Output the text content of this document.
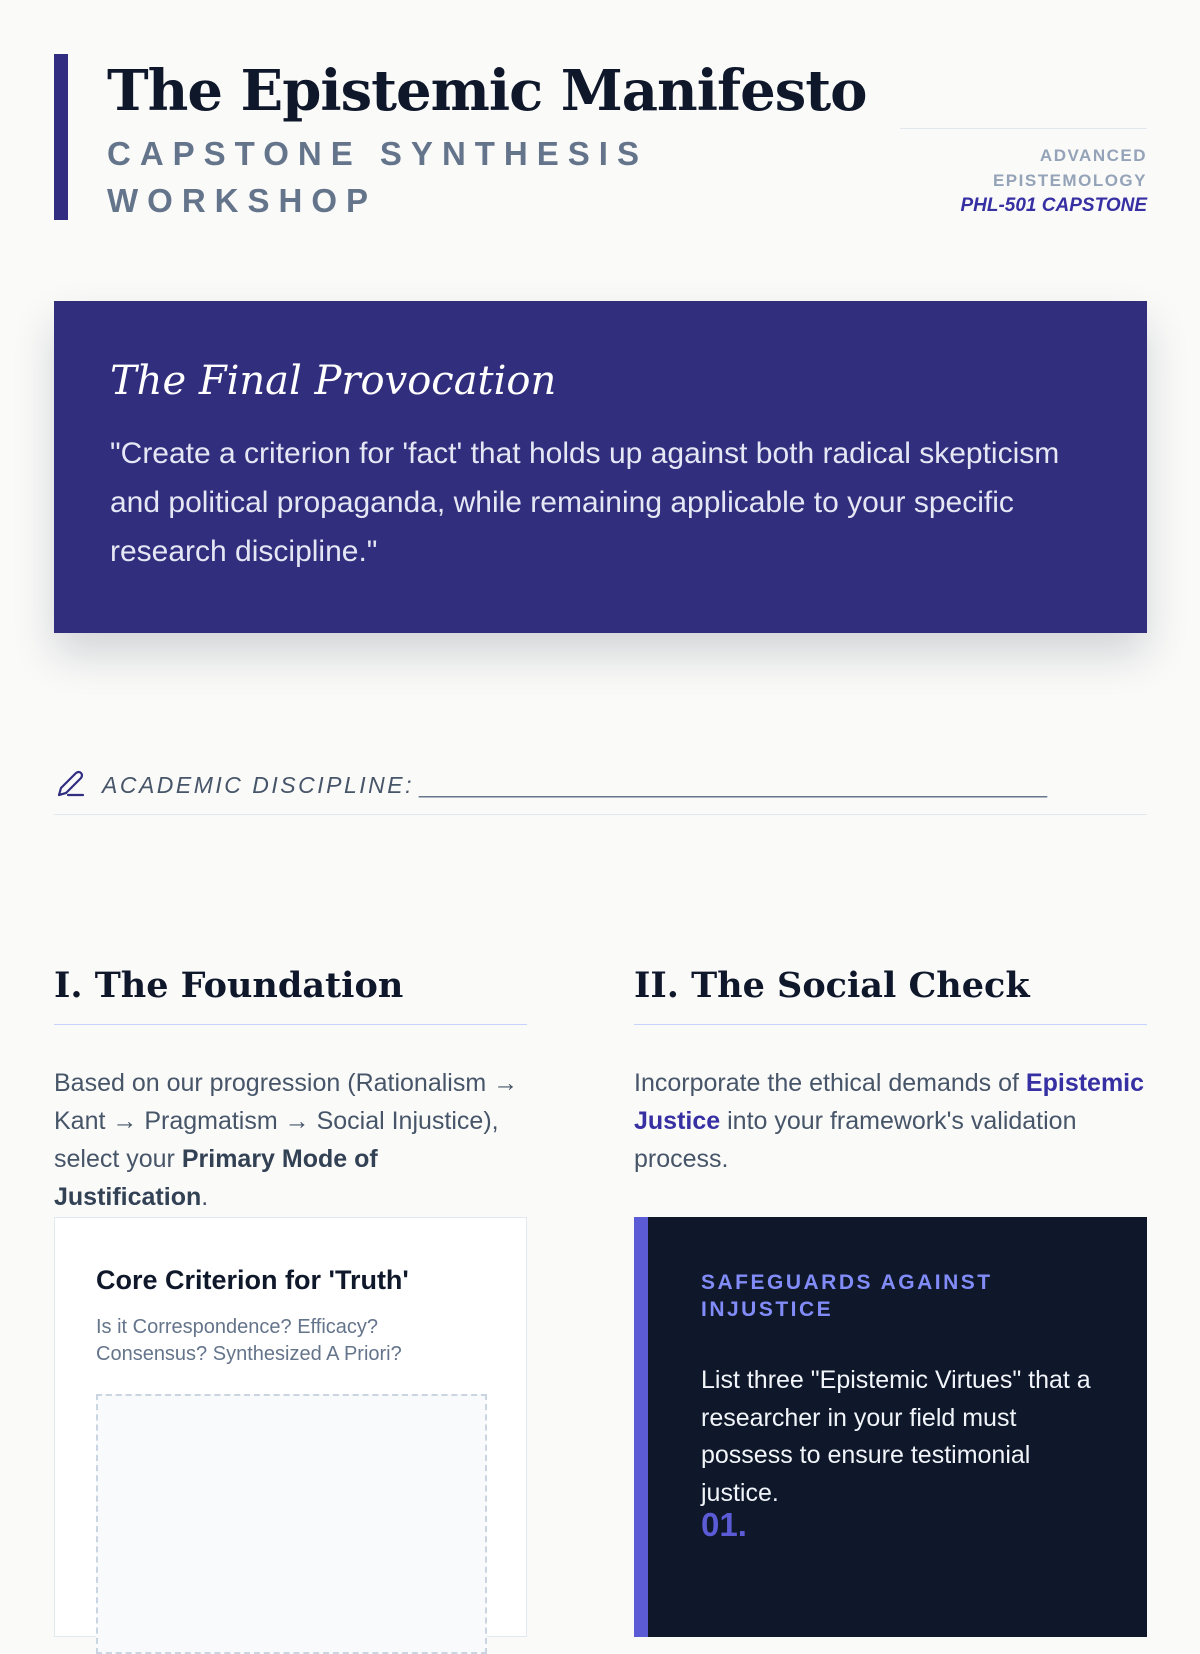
The Epistemic Manifesto
CAPSTONE SYNTHESIS WORKSHOP
ADVANCED
EPISTEMOLOGY
PHL-501 CAPSTONE
The Final Provocation

"Create a criterion for 'fact' that holds up against both radical skepticism and political propaganda, while remaining applicable to your specific research discipline."

ACADEMIC DISCIPLINE: ________________________________________________
I. The Foundation

Based on our progression (Rationalism → Kant → Pragmatism → Social Injustice), select your Primary Mode of Justification.

Core Criterion for 'Truth'

Is it Correspondence? Efficacy? Consensus? Synthesized A Priori?

II. The Social Check

Incorporate the ethical demands of Epistemic Justice into your framework's validation process.

SAFEGUARDS AGAINST INJUSTICE

List three "Epistemic Virtues" that a researcher in your field must possess to ensure testimonial justice.

01.
